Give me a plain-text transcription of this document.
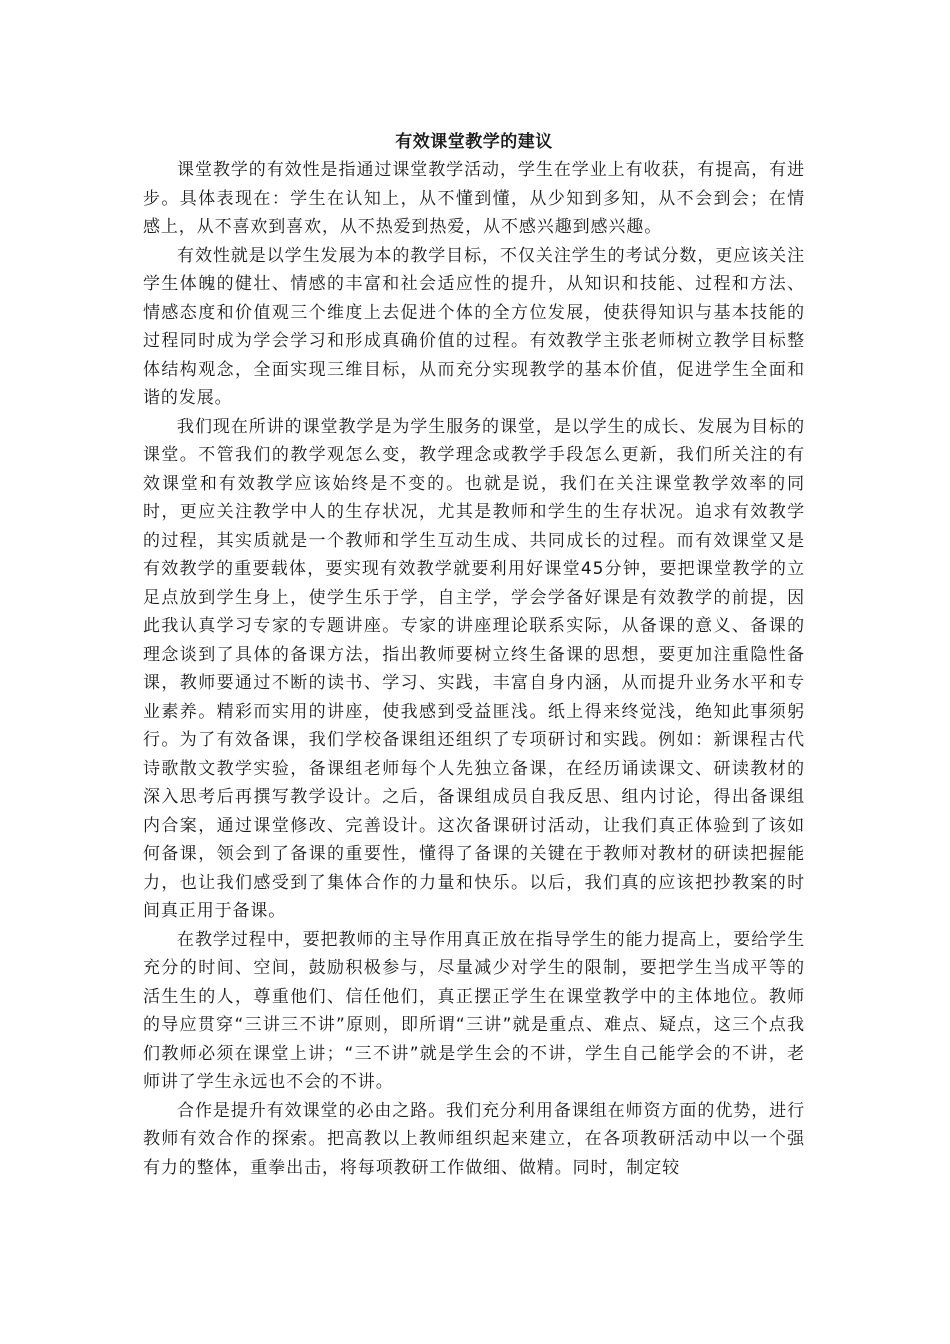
有效课堂教学的建议

课堂教学的有效性是指通过课堂教学活动，学生在学业上有收获，有提高，有进步。具体表现在：学生在认知上，从不懂到懂，从少知到多知，从不会到会；在情感上，从不喜欢到喜欢，从不热爱到热爱，从不感兴趣到感兴趣。

有效性就是以学生发展为本的教学目标，不仅关注学生的考试分数，更应该关注学生体魄的健壮、情感的丰富和社会适应性的提升，从知识和技能、过程和方法、情感态度和价值观三个维度上去促进个体的全方位发展，使获得知识与基本技能的过程同时成为学会学习和形成真确价值的过程。有效教学主张老师树立教学目标整体结构观念，全面实现三维目标，从而充分实现教学的基本价值，促进学生全面和谐的发展。

我们现在所讲的课堂教学是为学生服务的课堂，是以学生的成长、发展为目标的课堂。不管我们的教学观怎么变，教学理念或教学手段怎么更新，我们所关注的有效课堂和有效教学应该始终是不变的。也就是说，我们在关注课堂教学效率的同时，更应关注教学中人的生存状况，尤其是教师和学生的生存状况。追求有效教学的过程，其实质就是一个教师和学生互动生成、共同成长的过程。而有效课堂又是有效教学的重要载体，要实现有效教学就要利用好课堂45分钟，要把课堂教学的立足点放到学生身上，使学生乐于学，自主学，学会学备好课是有效教学的前提，因此我认真学习专家的专题讲座。专家的讲座理论联系实际，从备课的意义、备课的理念谈到了具体的备课方法，指出教师要树立终生备课的思想，要更加注重隐性备课，教师要通过不断的读书、学习、实践，丰富自身内涵，从而提升业务水平和专业素养。精彩而实用的讲座，使我感到受益匪浅。纸上得来终觉浅，绝知此事须躬行。为了有效备课，我们学校备课组还组织了专项研讨和实践。例如：新课程古代诗歌散文教学实验，备课组老师每个人先独立备课，在经历诵读课文、研读教材的深入思考后再撰写教学设计。之后，备课组成员自我反思、组内讨论，得出备课组内合案，通过课堂修改、完善设计。这次备课研讨活动，让我们真正体验到了该如何备课，领会到了备课的重要性，懂得了备课的关键在于教师对教材的研读把握能力，也让我们感受到了集体合作的力量和快乐。以后，我们真的应该把抄教案的时间真正用于备课。

在教学过程中，要把教师的主导作用真正放在指导学生的能力提高上，要给学生充分的时间、空间，鼓励积极参与，尽量减少对学生的限制，要把学生当成平等的活生生的人，尊重他们、信任他们，真正摆正学生在课堂教学中的主体地位。教师的导应贯穿“三讲三不讲”原则，即所谓“三讲”就是重点、难点、疑点，这三个点我们教师必须在课堂上讲；“三不讲”就是学生会的不讲，学生自己能学会的不讲，老师讲了学生永远也不会的不讲。

合作是提升有效课堂的必由之路。我们充分利用备课组在师资方面的优势，进行教师有效合作的探索。把高教以上教师组织起来建立，在各项教研活动中以一个强有力的整体，重拳出击，将每项教研工作做细、做精。同时，制定较
